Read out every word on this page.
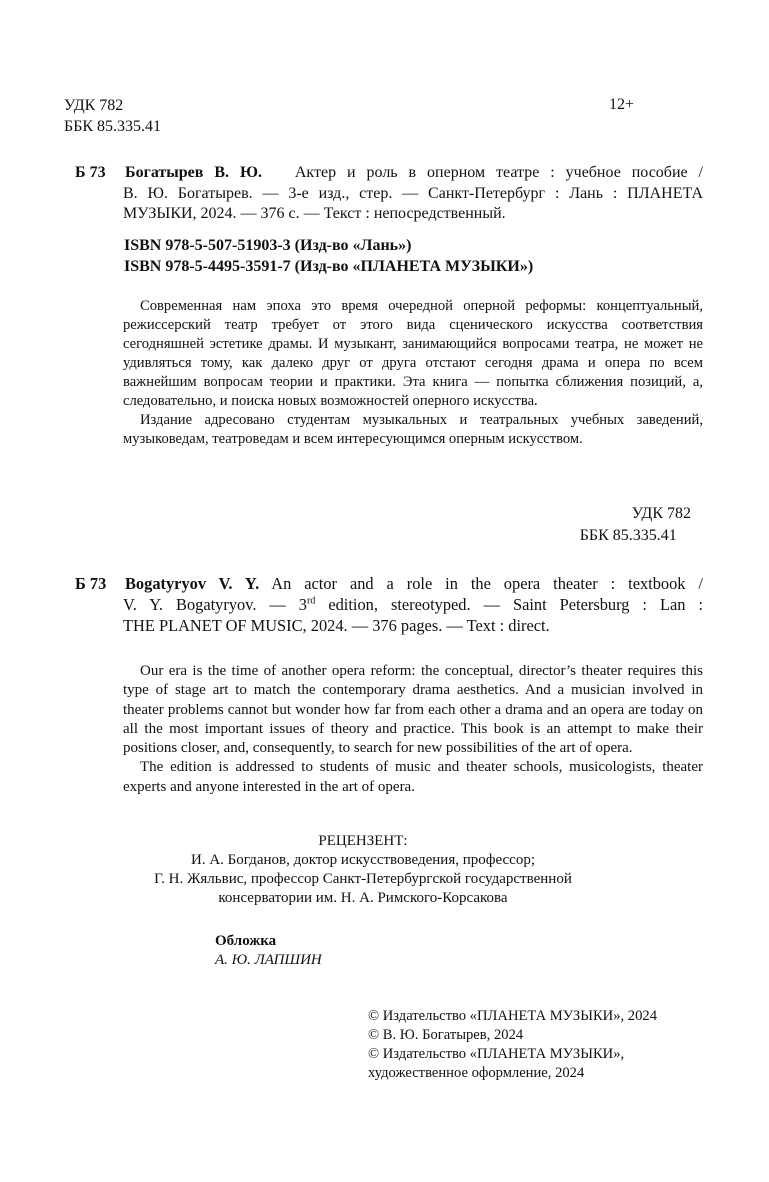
УДК 782
ББК 85.335.41
12+
Б 73 Богатырев В. Ю. Актер и роль в оперном театре : учебное пособие /
В. Ю. Богатырев. — 3-е изд., стер. — Санкт-Петербург : Лань : ПЛАНЕТА
МУЗЫКИ, 2024. — 376 с. — Текст : непосредственный.
ISBN 978-5-507-51903-3 (Изд-во «Лань»)
ISBN 978-5-4495-3591-7 (Изд-во «ПЛАНЕТА МУЗЫКИ»)

Современная нам эпоха это время очередной оперной реформы: концептуальный, режиссерский театр требует от этого вида сценического искусства соответствия сегодняшней эстетике драмы. И музыкант, занимающийся вопросами театра, не может не удивляться тому, как далеко друг от друга отстают сегодня драма и опера по всем важнейшим вопросам теории и практики. Эта книга — попытка сближения позиций, а, следовательно, и поиска новых возможностей оперного искусства.

Издание адресовано студентам музыкальных и театральных учебных заведений, музыковедам, театроведам и всем интересующимся оперным искусством.

УДК 782
ББК 85.335.41
Б 73 Bogatyryov V. Y. An actor and a role in the opera theater : textbook /
V. Y. Bogatyryov. — 3rd edition, stereotyped. — Saint Petersburg : Lan :
THE PLANET OF MUSIC, 2024. — 376 pages. — Text : direct.

Our era is the time of another opera reform: the conceptual, director’s theater requires this type of stage art to match the contemporary drama aesthetics. And a musician involved in theater problems cannot but wonder how far from each other a drama and an opera are today on all the most important issues of theory and practice. This book is an attempt to make their positions closer, and, consequently, to search for new possibilities of the art of opera.

The edition is addressed to students of music and theater schools, musicologists, theater experts and anyone interested in the art of opera.

РЕЦЕНЗЕНТ:
И. А. Богданов, доктор искусствоведения, профессор;
Г. Н. Жяльвис, профессор Санкт-Петербургской государственной
консерватории им. Н. А. Римского-Корсакова
Обложка
А. Ю. ЛАПШИН
© Издательство «ПЛАНЕТА МУЗЫКИ», 2024
© В. Ю. Богатырев, 2024
© Издательство «ПЛАНЕТА МУЗЫКИ»,
художественное оформление, 2024
